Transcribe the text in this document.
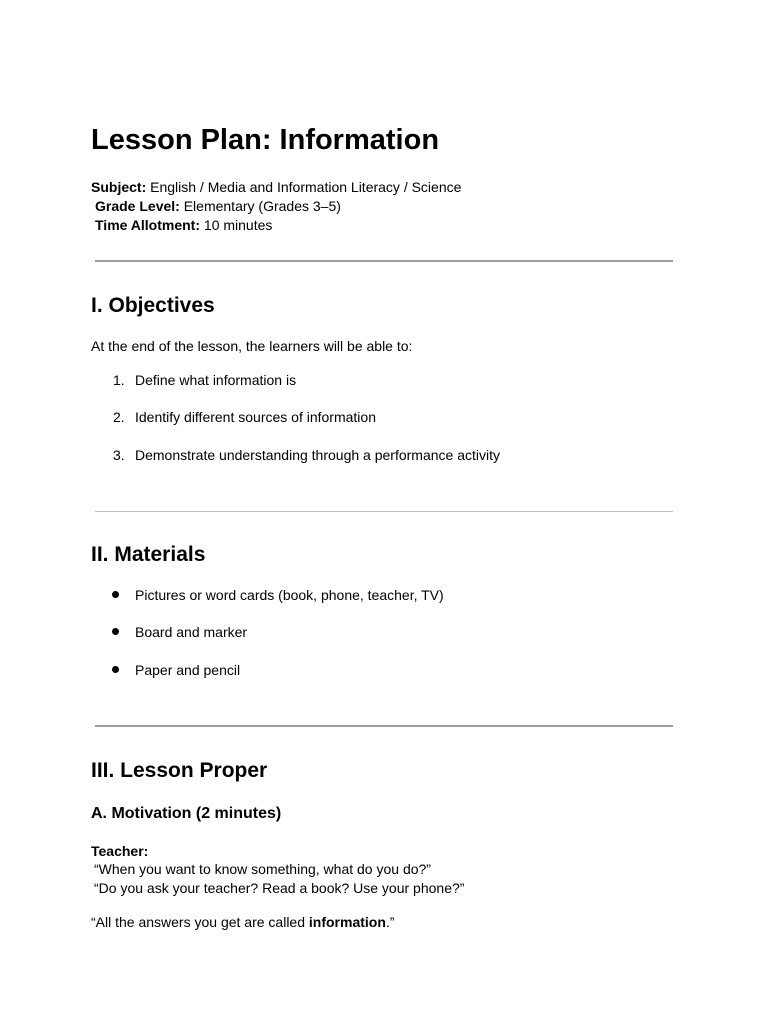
Lesson Plan: Information
Subject: English / Media and Information Literacy / Science
Grade Level: Elementary (Grades 3–5)
Time Allotment: 10 minutes
I. Objectives

At the end of the lesson, the learners will be able to:

1. Define what information is
2. Identify different sources of information
3. Demonstrate understanding through a performance activity
II. Materials
Pictures or word cards (book, phone, teacher, TV)
Board and marker
Paper and pencil
III. Lesson Proper
A. Motivation (2 minutes)

Teacher:

“When you want to know something, what do you do?”

“Do you ask your teacher? Read a book? Use your phone?”

“All the answers you get are called information.”
